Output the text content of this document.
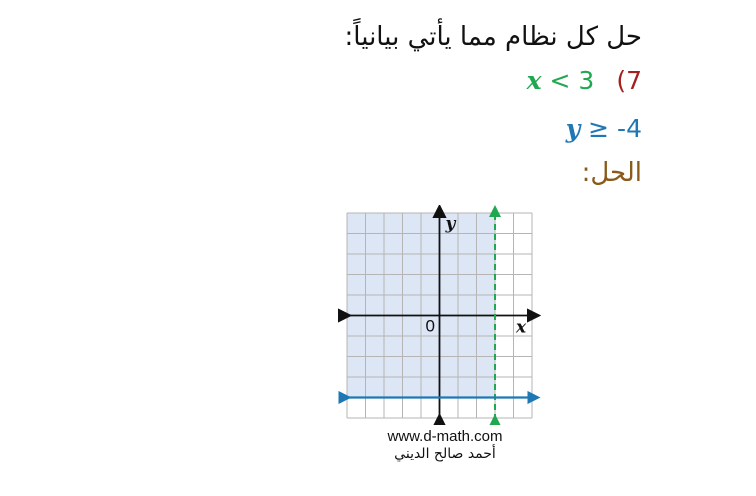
حل كل نظام مما يأتي بيانياً:
x < 3 (7
y ≥ -4
الحل:
0	x
y
www.d-math.com
أحمد صالح الديني
